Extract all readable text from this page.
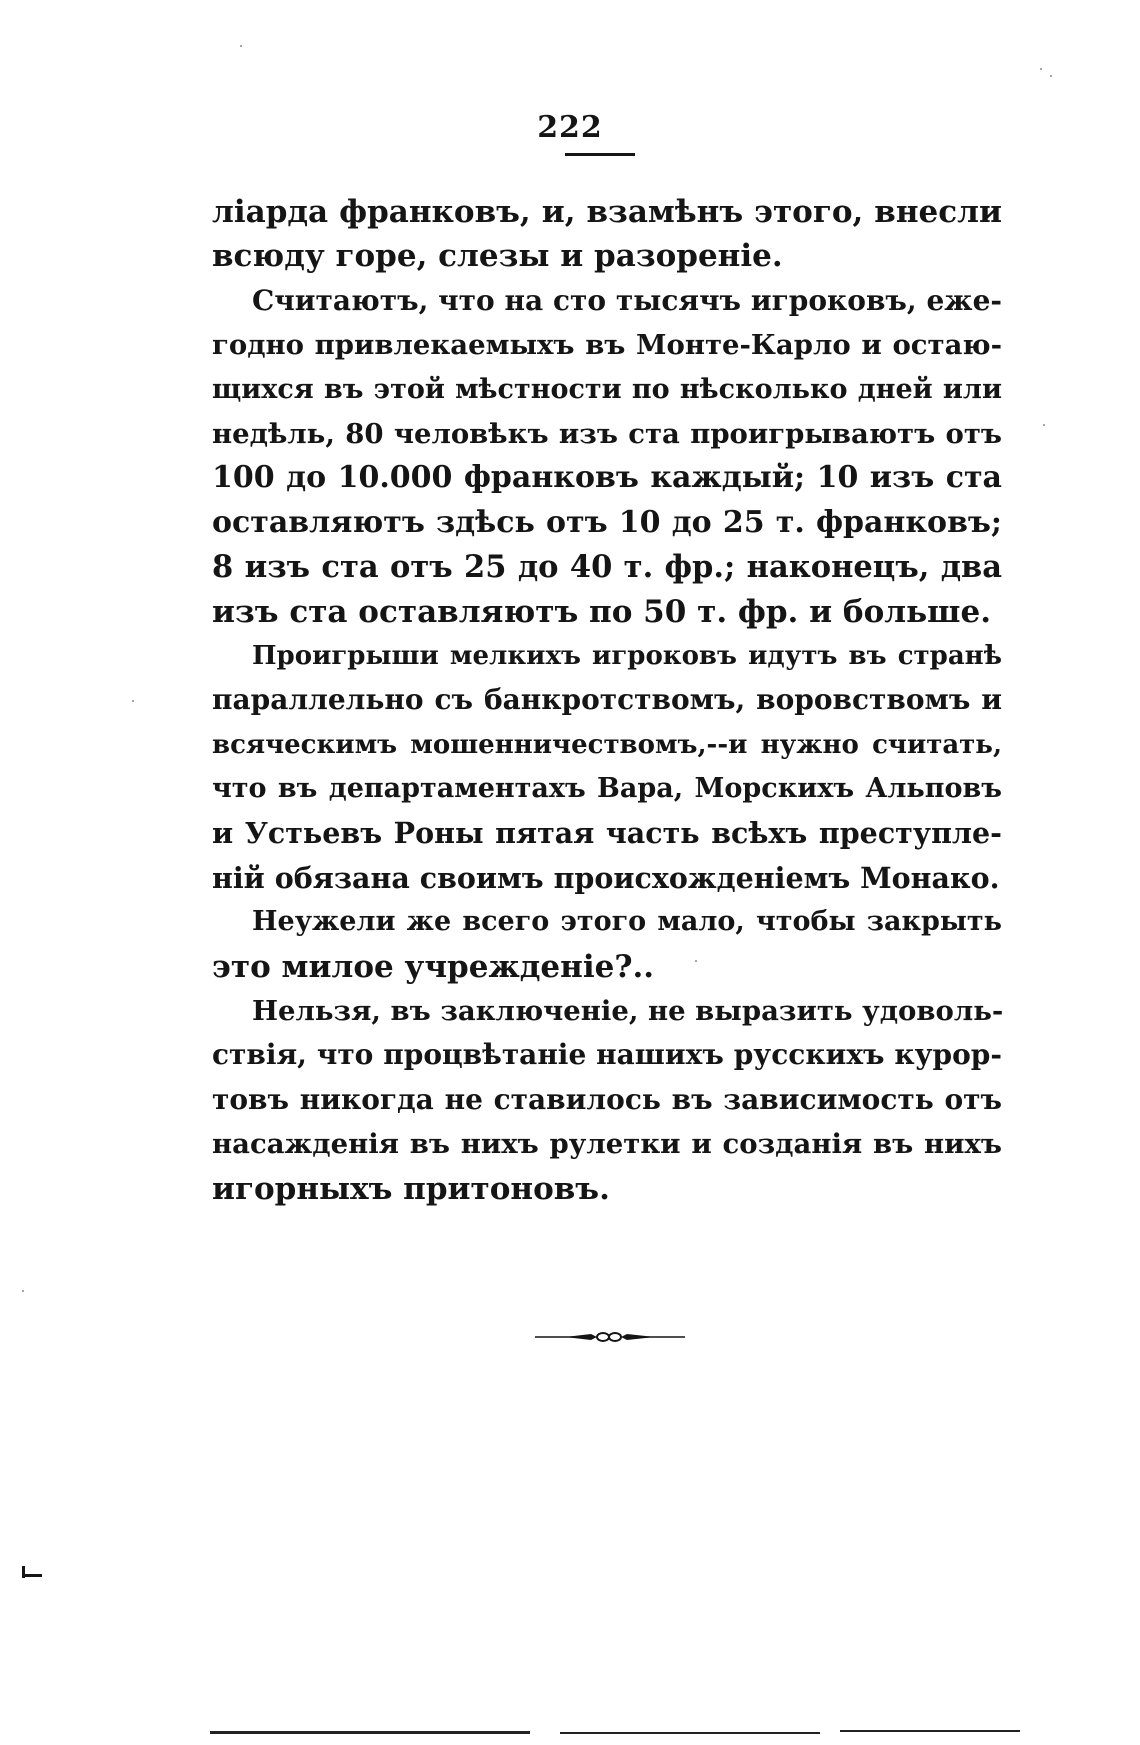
222
ліарда франковъ, и, взамѣнъ этого, внесли
всюду горе, слезы и разореніе.
Считаютъ, что на сто тысячъ игроковъ, еже-
годно привлекаемыхъ въ Монте-Карло и остаю-
щихся въ этой мѣстности по нѣсколько дней или
недѣль, 80 человѣкъ изъ ста проигрываютъ отъ
100 до 10.000 франковъ каждый; 10 изъ ста
оставляютъ здѣсь отъ 10 до 25 т. франковъ;
8 изъ ста отъ 25 до 40 т. фр.; наконецъ, два
изъ ста оставляютъ по 50 т. фр. и больше.
Проигрыши мелкихъ игроковъ идутъ въ странѣ
параллельно съ банкротствомъ, воровствомъ и
всяческимъ мошенничествомъ,--и нужно считать,
что въ департаментахъ Вара, Морскихъ Альповъ
и Устьевъ Роны пятая часть всѣхъ преступле-
ній обязана своимъ происхожденіемъ Монако.
Неужели же всего этого мало, чтобы закрыть
это милое учрежденіе?..
Нельзя, въ заключеніе, не выразить удоволь-
ствія, что процвѣтаніе нашихъ русскихъ курор-
товъ никогда не ставилось въ зависимость отъ
насажденія въ нихъ рулетки и созданія въ нихъ
игорныхъ притоновъ.
